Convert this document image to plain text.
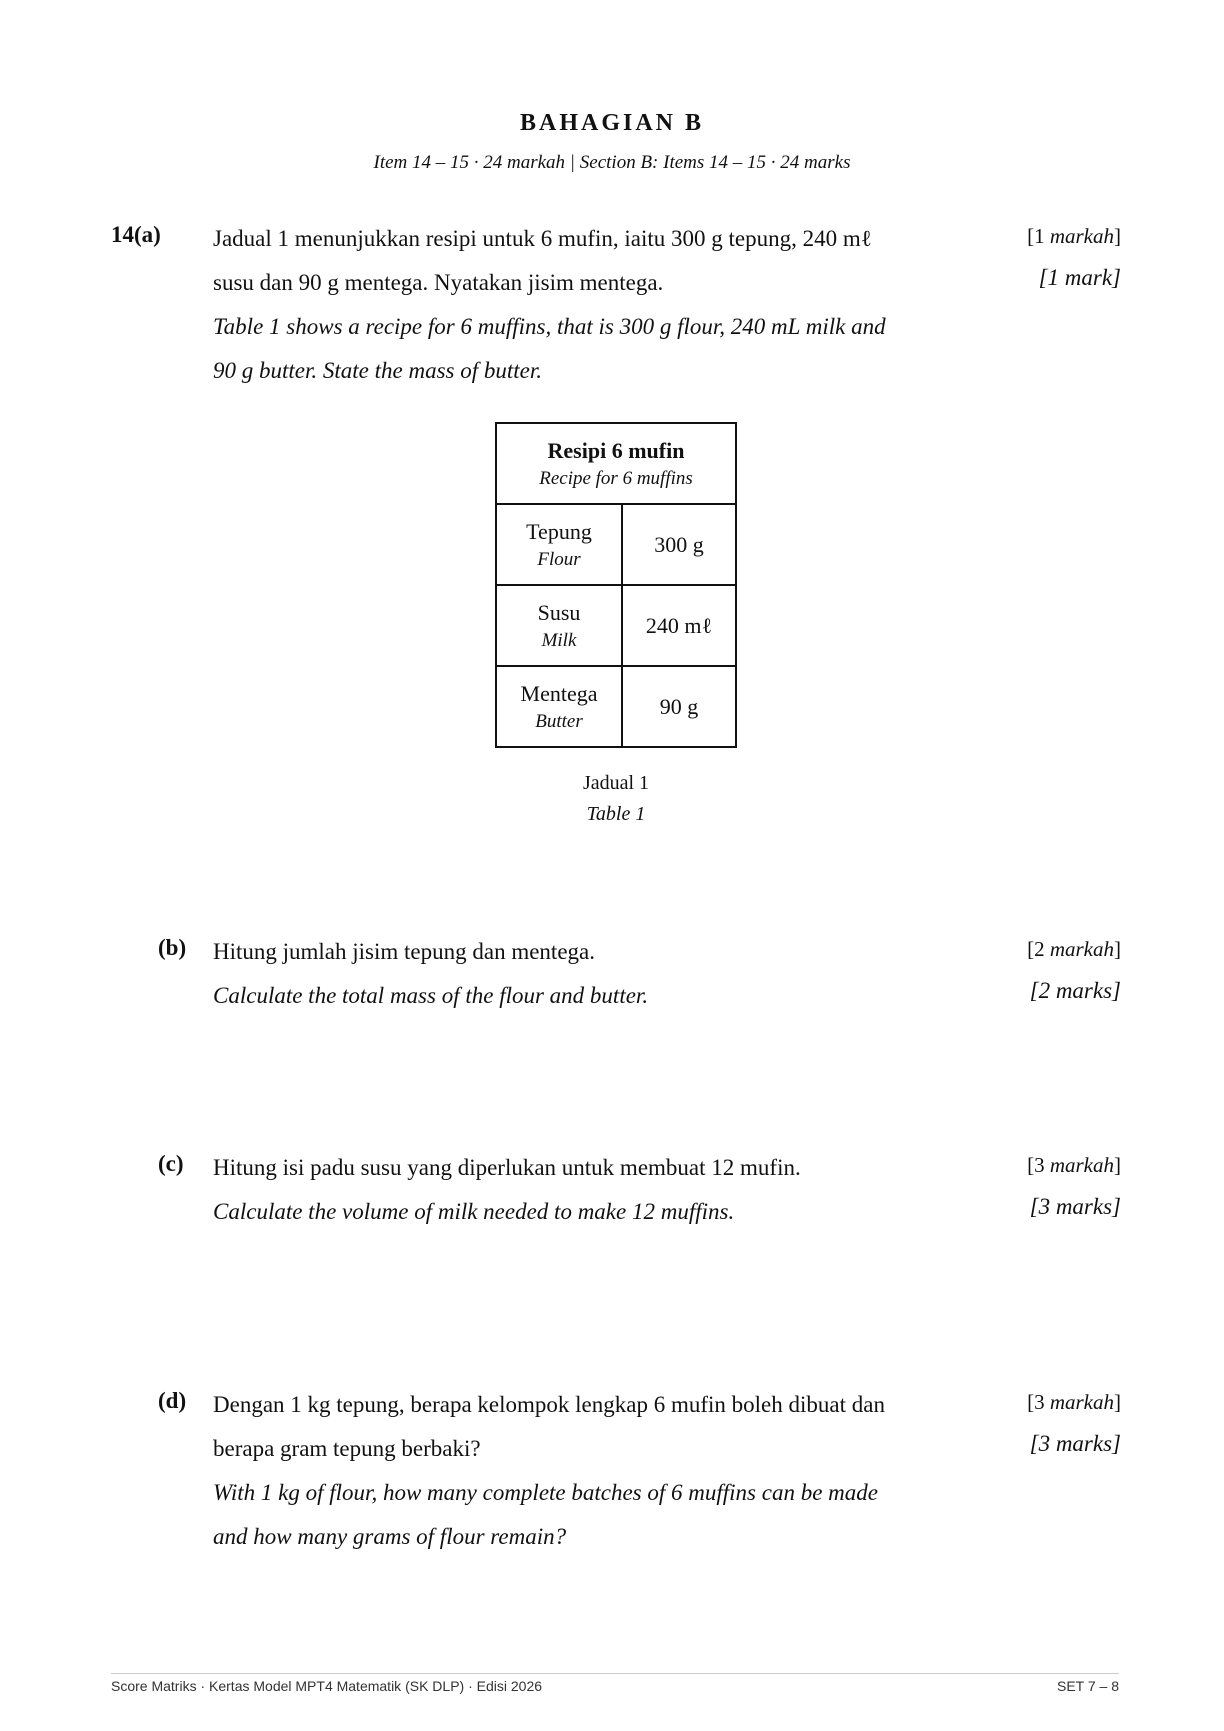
BAHAGIAN B
Item 14 – 15 · 24 markah | Section B: Items 14 – 15 · 24 marks
14(a) Jadual 1 menunjukkan resipi untuk 6 mufin, iaitu 300 g tepung, 240 mℓ
susu dan 90 g mentega. Nyatakan jisim mentega.
Table 1 shows a recipe for 6 muffins, that is 300 g flour, 240 mL milk and
90 g butter. State the mass of butter.
[1 markah]
[1 mark]
Resipi 6 mufin
Recipe for 6 muffins	

Tepung
Flour	300 g

Susu
Milk	240 mℓ

Mentega
Butter	90 g
Jadual 1
Table 1
(b) Hitung jumlah jisim tepung dan mentega.
Calculate the total mass of the flour and butter.
[2 markah]
[2 marks]
(c) Hitung isi padu susu yang diperlukan untuk membuat 12 mufin.
Calculate the volume of milk needed to make 12 muffins.
[3 markah]
[3 marks]
(d) Dengan 1 kg tepung, berapa kelompok lengkap 6 mufin boleh dibuat dan
berapa gram tepung berbaki?
With 1 kg of flour, how many complete batches of 6 muffins can be made
and how many grams of flour remain?
[3 markah]
[3 marks]
Score Matriks · Kertas Model MPT4 Matematik (SK DLP) · Edisi 2026	SET 7 – 8
